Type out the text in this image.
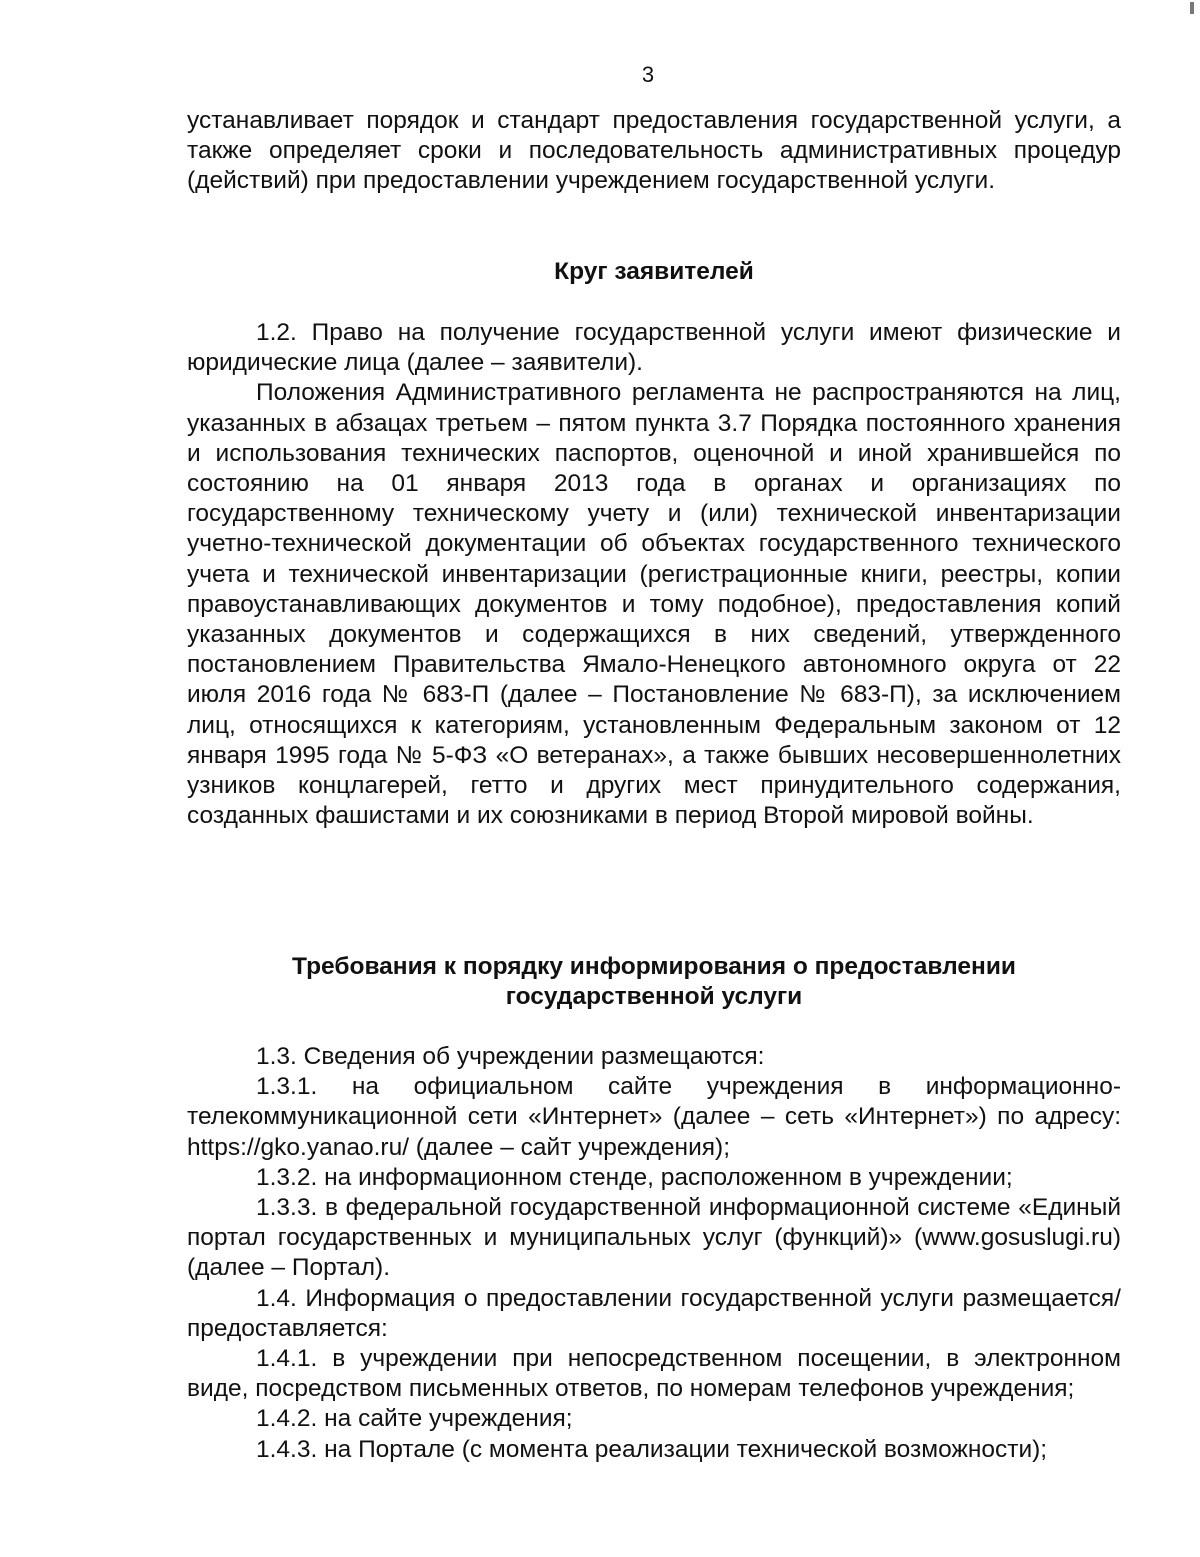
3

устанавливает порядок и стандарт предоставления государственной услуги, а также определяет сроки и последовательность административных процедур (действий) при предоставлении учреждением государственной услуги.

Круг заявителей

1.2. Право на получение государственной услуги имеют физические и юридические лица (далее – заявители).

Положения Административного регламента не распространяются на лиц, указанных в абзацах третьем – пятом пункта 3.7 Порядка постоянного хранения и использования технических паспортов, оценочной и иной хранившейся по состоянию на 01 января 2013 года в органах и организациях по государственному техническому учету и (или) технической инвентаризации учетно-технической документации об объектах государственного технического учета и технической инвентаризации (регистрационные книги, реестры, копии правоустанавливающих документов и тому подобное), предоставления копий указанных документов и содержащихся в них сведений, утвержденного постановлением Правительства Ямало-Ненецкого автономного округа от 22 июля 2016 года № 683-П (далее – Постановление № 683-П), за исключением лиц, относящихся к категориям, установленным Федеральным законом от 12 января 1995 года № 5-ФЗ «О ветеранах», а также бывших несовершеннолетних узников концлагерей, гетто и других мест принудительного содержания, созданных фашистами и их союзниками в период Второй мировой войны.

Требования к порядку информирования о предоставлении
государственной услуги

1.3. Сведения об учреждении размещаются:

1.3.1. на официальном сайте учреждения в информационно-телекоммуникационной сети «Интернет» (далее – сеть «Интернет») по адресу: https://gko.yanao.ru/ (далее – сайт учреждения);

1.3.2. на информационном стенде, расположенном в учреждении;

1.3.3. в федеральной государственной информационной системе «Единый портал государственных и муниципальных услуг (функций)» (www.gosuslugi.ru) (далее – Портал).

1.4. Информация о предоставлении государственной услуги размещается/предоставляется:

1.4.1. в учреждении при непосредственном посещении, в электронном виде, посредством письменных ответов, по номерам телефонов учреждения;

1.4.2. на сайте учреждения;

1.4.3. на Портале (с момента реализации технической возможности);
